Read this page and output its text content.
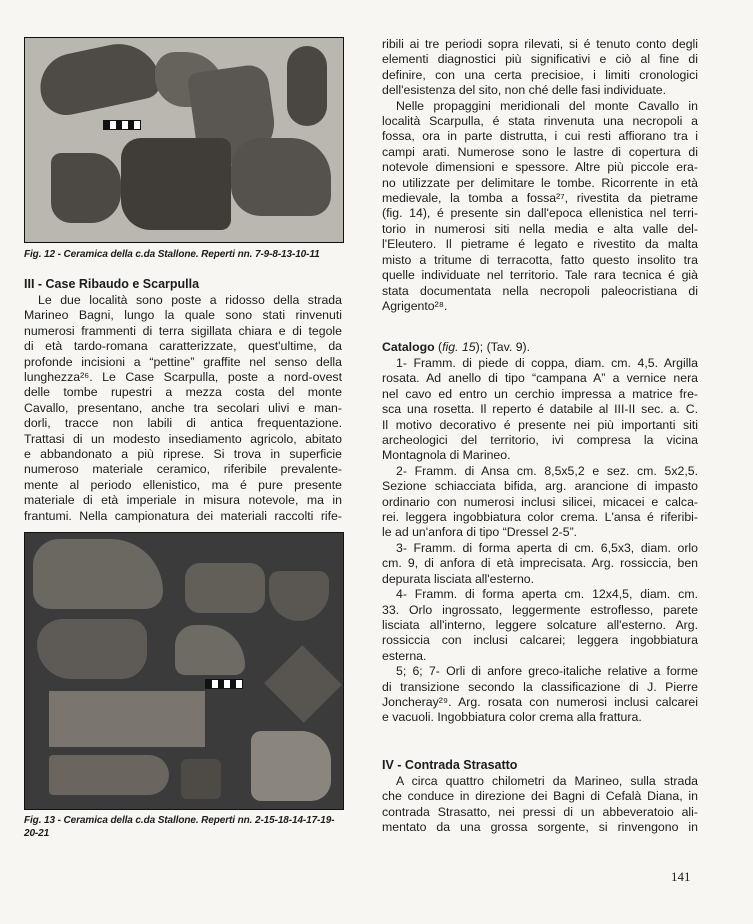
Fig. 12 - Ceramica della c.da Stallone. Reperti nn. 7-9-8-13-10-11
III - Case Ribaudo e Scarpulla
Le due località sono poste a ridosso della strada
Marineo Bagni, lungo la quale sono stati rinvenuti
numerosi frammenti di terra sigillata chiara e di tegole
di età tardo-romana caratterizzate, quest'ultime, da
profonde incisioni a “pettine” graffite nel senso della
lunghezza²⁶. Le Case Scarpulla, poste a nord-ovest
delle tombe rupestri a mezza costa del monte
Cavallo, presentano, anche tra secolari ulivi e man-
dorli, tracce non labili di antica frequentazione.
Trattasi di un modesto insediamento agricolo, abitato
e abbandonato a più riprese. Si trova in superficie
numeroso materiale ceramico, riferibile prevalente-
mente al periodo ellenistico, ma é pure presente
materiale di età imperiale in misura notevole, ma in
frantumi. Nella campionatura dei materiali raccolti rife-
Fig. 13 - Ceramica della c.da Stallone. Reperti nn. 2-15-18-14-17-19-20-21
ribili ai tre periodi sopra rilevati, si é tenuto conto degli
elementi diagnostici più significativi e ciò al fine di
definire, con una certa precisioe, i limiti cronologici
dell'esistenza del sito, non ché delle fasi individuate.
Nelle propaggini meridionali del monte Cavallo in
località Scarpulla, é stata rinvenuta una necropoli a
fossa, ora in parte distrutta, i cui resti affiorano tra i
campi arati. Numerose sono le lastre di copertura di
notevole dimensioni e spessore. Altre più piccole era-
no utilizzate per delimitare le tombe. Ricorrente in età
medievale, la tomba a fossa²⁷, rivestita da pietrame
(fig. 14), é presente sin dall'epoca ellenistica nel terri-
torio in numerosi siti nella media e alta valle del-
l'Eleutero. Il pietrame é legato e rivestito da malta
misto a tritume di terracotta, fatto questo insolito tra
quelle individuate nel territorio. Tale rara tecnica é già
stata documentata nella necropoli paleocristiana di
Agrigento²⁸.
Catalogo (fig. 15); (Tav. 9).
1- Framm. di piede di coppa, diam. cm. 4,5. Argilla
rosata. Ad anello di tipo “campana A” a vernice nera
nel cavo ed entro un cerchio impressa a matrice fre-
sca una rosetta. Il reperto é databile al III-II sec. a. C.
Il motivo decorativo é presente nei più importanti siti
archeologici del territorio, ivi compresa la vicina
Montagnola di Marineo.
2- Framm. di Ansa cm. 8,5x5,2 e sez. cm. 5x2,5.
Sezione schiacciata bifida, arg. arancione di impasto
ordinario con numerosi inclusi silicei, micacei e calca-
rei. leggera ingobbiatura color crema. L'ansa é riferibi-
le ad un'anfora di tipo “Dressel 2-5”.
3- Framm. di forma aperta di cm. 6,5x3, diam. orlo
cm. 9, di anfora di età imprecisata. Arg. rossiccia, ben
depurata lisciata all'esterno.
4- Framm. di forma aperta cm. 12x4,5, diam. cm.
33. Orlo ingrossato, leggermente estroflesso, parete
lisciata all'interno, leggere solcature all'esterno. Arg.
rossiccia con inclusi calcarei; leggera ingobbiatura
esterna.
5; 6; 7- Orli di anfore greco-italiche relative a forme
di transizione secondo la classificazione di J. Pierre
Joncheray²⁹. Arg. rosata con numerosi inclusi calcarei
e vacuoli. Ingobbiatura color crema alla frattura.
IV - Contrada Strasatto
A circa quattro chilometri da Marineo, sulla strada
che conduce in direzione dei Bagni di Cefalà Diana, in
contrada Strasatto, nei pressi di un abbeveratoio ali-
mentato da una grossa sorgente, si rinvengono in
141
